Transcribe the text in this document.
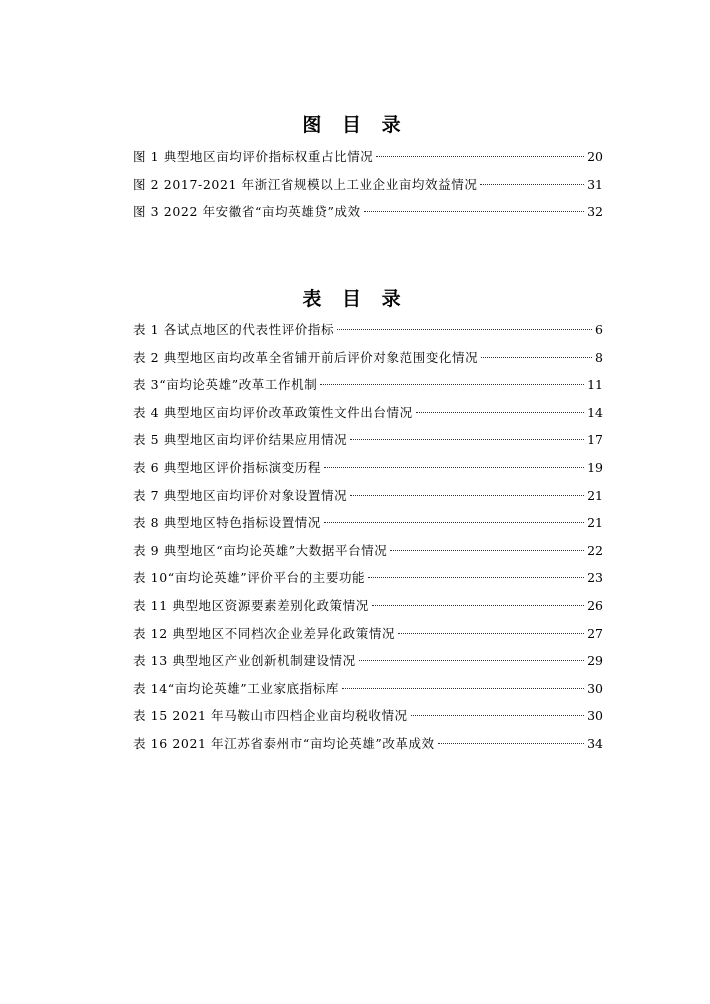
图 目 录
图 1 典型地区亩均评价指标权重占比情况	20
图 2 2017-2021 年浙江省规模以上工业企业亩均效益情况	31
图 3 2022 年安徽省“亩均英雄贷”成效	32
表 目 录
表 1 各试点地区的代表性评价指标	6
表 2 典型地区亩均改革全省铺开前后评价对象范围变化情况	8
表 3“亩均论英雄”改革工作机制	11
表 4 典型地区亩均评价改革政策性文件出台情况	14
表 5 典型地区亩均评价结果应用情况	17
表 6 典型地区评价指标演变历程	19
表 7 典型地区亩均评价对象设置情况	21
表 8 典型地区特色指标设置情况	21
表 9 典型地区“亩均论英雄”大数据平台情况	22
表 10“亩均论英雄”评价平台的主要功能	23
表 11 典型地区资源要素差别化政策情况	26
表 12 典型地区不同档次企业差异化政策情况	27
表 13 典型地区产业创新机制建设情况	29
表 14“亩均论英雄”工业家底指标库	30
表 15 2021 年马鞍山市四档企业亩均税收情况	30
表 16 2021 年江苏省泰州市“亩均论英雄”改革成效	34
